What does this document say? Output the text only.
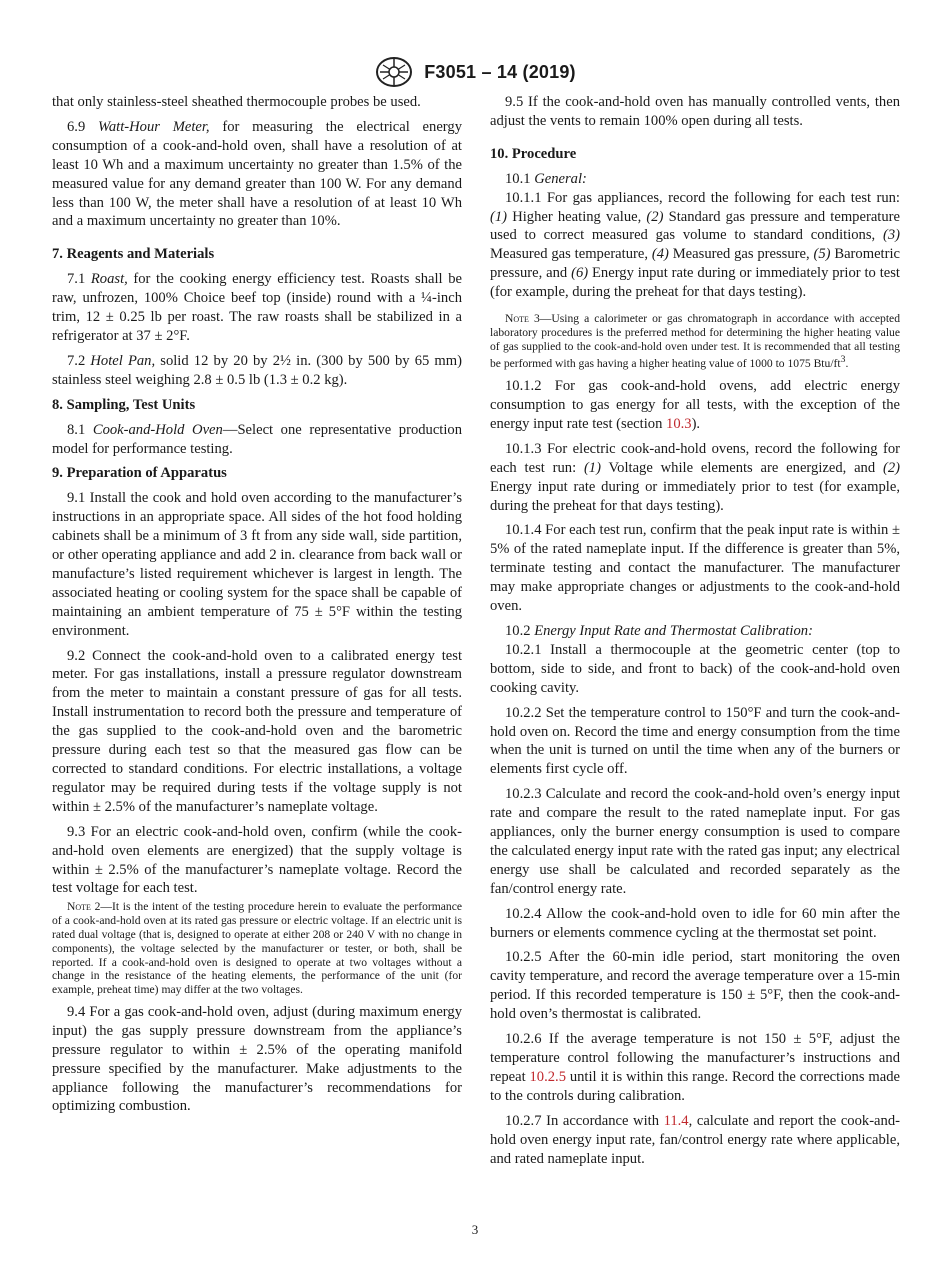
F3051 – 14 (2019)

that only stainless-steel sheathed thermocouple probes be used.

6.9 Watt-Hour Meter, for measuring the electrical energy consumption of a cook-and-hold oven, shall have a resolution of at least 10 Wh and a maximum uncertainty no greater than 1.5% of the measured value for any demand greater than 100 W. For any demand less than 100 W, the meter shall have a resolution of at least 10 Wh and a maximum uncertainty no greater than 10%.

7. Reagents and Materials

7.1 Roast, for the cooking energy efficiency test. Roasts shall be raw, unfrozen, 100% Choice beef top (inside) round with a ¼-inch trim, 12 ± 0.25 lb per roast. The raw roasts shall be stabilized in a refrigerator at 37 ± 2°F.

7.2 Hotel Pan, solid 12 by 20 by 2½ in. (300 by 500 by 65 mm) stainless steel weighing 2.8 ± 0.5 lb (1.3 ± 0.2 kg).

8. Sampling, Test Units

8.1 Cook-and-Hold Oven—Select one representative production model for performance testing.

9. Preparation of Apparatus

9.1 Install the cook and hold oven according to the manufacturer’s instructions in an appropriate space. All sides of the hot food holding cabinets shall be a minimum of 3 ft from any side wall, side partition, or other operating appliance and add 2 in. clearance from back wall or manufacture’s listed requirement whichever is largest in length. The associated heating or cooling system for the space shall be capable of maintaining an ambient temperature of 75 ± 5°F within the testing environment.

9.2 Connect the cook-and-hold oven to a calibrated energy test meter. For gas installations, install a pressure regulator downstream from the meter to maintain a constant pressure of gas for all tests. Install instrumentation to record both the pressure and temperature of the gas supplied to the cook-and-hold oven and the barometric pressure during each test so that the measured gas flow can be corrected to standard conditions. For electric installations, a voltage regulator may be required during tests if the voltage supply is not within ± 2.5% of the manufacturer’s nameplate voltage.

9.3 For an electric cook-and-hold oven, confirm (while the cook-and-hold oven elements are energized) that the supply voltage is within ± 2.5% of the manufacturer’s nameplate voltage. Record the test voltage for each test.

Note 2—It is the intent of the testing procedure herein to evaluate the performance of a cook-and-hold oven at its rated gas pressure or electric voltage. If an electric unit is rated dual voltage (that is, designed to operate at either 208 or 240 V with no change in components), the voltage selected by the manufacturer or tester, or both, shall be reported. If a cook-and-hold oven is designed to operate at two voltages without a change in the resistance of the heating elements, the performance of the unit (for example, preheat time) may differ at the two voltages.

9.4 For a gas cook-and-hold oven, adjust (during maximum energy input) the gas supply pressure downstream from the appliance’s pressure regulator to within ± 2.5% of the operating manifold pressure specified by the manufacturer. Make adjustments to the appliance following the manufacturer’s recommendations for optimizing combustion.

9.5 If the cook-and-hold oven has manually controlled vents, then adjust the vents to remain 100% open during all tests.

10. Procedure

10.1 General:

10.1.1 For gas appliances, record the following for each test run: (1) Higher heating value, (2) Standard gas pressure and temperature used to correct measured gas volume to standard conditions, (3) Measured gas temperature, (4) Measured gas pressure, (5) Barometric pressure, and (6) Energy input rate during or immediately prior to test (for example, during the preheat for that days testing).

Note 3—Using a calorimeter or gas chromatograph in accordance with accepted laboratory procedures is the preferred method for determining the higher heating value of gas supplied to the cook-and-hold oven under test. It is recommended that all testing be performed with gas having a higher heating value of 1000 to 1075 Btu/$ft^3$.

10.1.2 For gas cook-and-hold ovens, add electric energy consumption to gas energy for all tests, with the exception of the energy input rate test (section 10.3).

10.1.3 For electric cook-and-hold ovens, record the following for each test run: (1) Voltage while elements are energized, and (2) Energy input rate during or immediately prior to test (for example, during the preheat for that days testing).

10.1.4 For each test run, confirm that the peak input rate is within ± 5% of the rated nameplate input. If the difference is greater than 5%, terminate testing and contact the manufacturer. The manufacturer may make appropriate changes or adjustments to the cook-and-hold oven.

10.2 Energy Input Rate and Thermostat Calibration:

10.2.1 Install a thermocouple at the geometric center (top to bottom, side to side, and front to back) of the cook-and-hold oven cooking cavity.

10.2.2 Set the temperature control to 150°F and turn the cook-and-hold oven on. Record the time and energy consumption from the time when the unit is turned on until the time when any of the burners or elements first cycle off.

10.2.3 Calculate and record the cook-and-hold oven’s energy input rate and compare the result to the rated nameplate input. For gas appliances, only the burner energy consumption is used to compare the calculated energy input rate with the rated gas input; any electrical energy use shall be calculated and recorded separately as the fan/control energy rate.

10.2.4 Allow the cook-and-hold oven to idle for 60 min after the burners or elements commence cycling at the thermostat set point.

10.2.5 After the 60-min idle period, start monitoring the oven cavity temperature, and record the average temperature over a 15-min period. If this recorded temperature is 150 ± 5°F, then the cook-and-hold oven’s thermostat is calibrated.

10.2.6 If the average temperature is not 150 ± 5°F, adjust the temperature control following the manufacturer’s instructions and repeat 10.2.5 until it is within this range. Record the corrections made to the controls during calibration.

10.2.7 In accordance with 11.4, calculate and report the cook-and-hold oven energy input rate, fan/control energy rate where applicable, and rated nameplate input.

3
